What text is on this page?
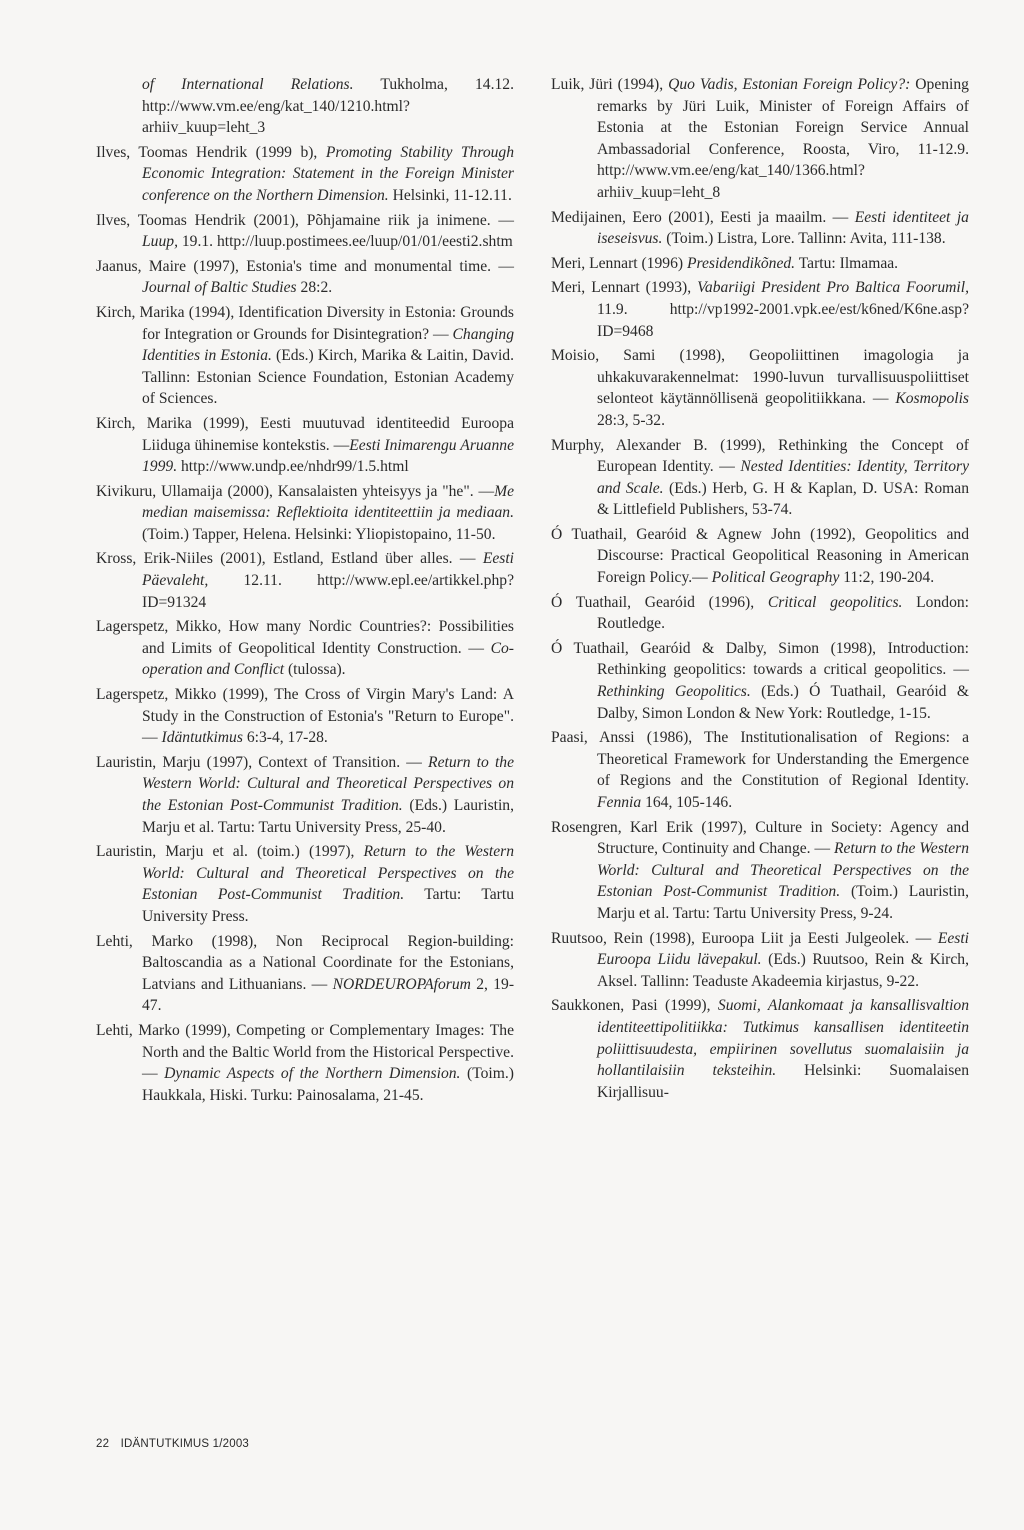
of International Relations. Tukholma, 14.12. http://www.vm.ee/eng/kat_140/1210.html?arhiiv_kuup=leht_3

Ilves, Toomas Hendrik (1999 b), Promoting Stability Through Economic Integration: Statement in the Foreign Minister conference on the Northern Dimension. Helsinki, 11-12.11.

Ilves, Toomas Hendrik (2001), Põhjamaine riik ja inimene. — Luup, 19.1. http://luup.postimees.ee/luup/01/01/eesti2.shtm

Jaanus, Maire (1997), Estonia's time and monumental time. —Journal of Baltic Studies 28:2.

Kirch, Marika (1994), Identification Diversity in Estonia: Grounds for Integration or Grounds for Disintegration? — Changing Identities in Estonia. (Eds.) Kirch, Marika & Laitin, David. Tallinn: Estonian Science Foundation, Estonian Academy of Sciences.

Kirch, Marika (1999), Eesti muutuvad identiteedid Euroopa Liiduga ühinemise kontekstis. —Eesti Inimarengu Aruanne 1999. http://www.undp.ee/nhdr99/1.5.html

Kivikuru, Ullamaija (2000), Kansalaisten yhteisyys ja "he". —Me median maisemissa: Reflektioita identiteettiin ja mediaan. (Toim.) Tapper, Helena. Helsinki: Yliopistopaino, 11-50.

Kross, Erik-Niiles (2001), Estland, Estland über alles. — Eesti Päevaleht, 12.11. http://www.epl.ee/artikkel.php?ID=91324

Lagerspetz, Mikko, How many Nordic Countries?: Possibilities and Limits of Geopolitical Identity Construction. — Co-operation and Conflict (tulossa).

Lagerspetz, Mikko (1999), The Cross of Virgin Mary's Land: A Study in the Construction of Estonia's "Return to Europe". — Idäntutkimus 6:3-4, 17-28.

Lauristin, Marju (1997), Context of Transition. — Return to the Western World: Cultural and Theoretical Perspectives on the Estonian Post-Communist Tradition. (Eds.) Lauristin, Marju et al. Tartu: Tartu University Press, 25-40.

Lauristin, Marju et al. (toim.) (1997), Return to the Western World: Cultural and Theoretical Perspectives on the Estonian Post-Communist Tradition. Tartu: Tartu University Press.

Lehti, Marko (1998), Non Reciprocal Region-building: Baltoscandia as a National Coordinate for the Estonians, Latvians and Lithuanians. — NORDEUROPAforum 2, 19-47.

Lehti, Marko (1999), Competing or Complementary Images: The North and the Baltic World from the Historical Perspective. — Dynamic Aspects of the Northern Dimension. (Toim.) Haukkala, Hiski. Turku: Painosalama, 21-45.

Luik, Jüri (1994), Quo Vadis, Estonian Foreign Policy?: Opening remarks by Jüri Luik, Minister of Foreign Affairs of Estonia at the Estonian Foreign Service Annual Ambassadorial Conference, Roosta, Viro, 11-12.9. http://www.vm.ee/eng/kat_140/1366.html?arhiiv_kuup=leht_8

Medijainen, Eero (2001), Eesti ja maailm. — Eesti identiteet ja iseseisvus. (Toim.) Listra, Lore. Tallinn: Avita, 111-138.

Meri, Lennart (1996) Presidendikõned. Tartu: Ilmamaa.

Meri, Lennart (1993), Vabariigi President Pro Baltica Foorumil, 11.9. http://vp1992-2001.vpk.ee/est/k6ned/K6ne.asp?ID=9468

Moisio, Sami (1998), Geopoliittinen imagologia ja uhkakuvarakennelmat: 1990-luvun turvallisuuspoliittiset selonteot käytännöllisenä geopolitiikkana. — Kosmopolis 28:3, 5-32.

Murphy, Alexander B. (1999), Rethinking the Concept of European Identity. — Nested Identities: Identity, Territory and Scale. (Eds.) Herb, G. H & Kaplan, D. USA: Roman & Littlefield Publishers, 53-74.

Ó Tuathail, Gearóid & Agnew John (1992), Geopolitics and Discourse: Practical Geopolitical Reasoning in American Foreign Policy.— Political Geography 11:2, 190-204.

Ó Tuathail, Gearóid (1996), Critical geopolitics. London: Routledge.

Ó Tuathail, Gearóid & Dalby, Simon (1998), Introduction: Rethinking geopolitics: towards a critical geopolitics. — Rethinking Geopolitics. (Eds.) Ó Tuathail, Gearóid & Dalby, Simon London & New York: Routledge, 1-15.

Paasi, Anssi (1986), The Institutionalisation of Regions: a Theoretical Framework for Understanding the Emergence of Regions and the Constitution of Regional Identity. Fennia 164, 105-146.

Rosengren, Karl Erik (1997), Culture in Society: Agency and Structure, Continuity and Change. — Return to the Western World: Cultural and Theoretical Perspectives on the Estonian Post-Communist Tradition. (Toim.) Lauristin, Marju et al. Tartu: Tartu University Press, 9-24.

Ruutsoo, Rein (1998), Euroopa Liit ja Eesti Julgeolek. — Eesti Euroopa Liidu lävepakul. (Eds.) Ruutsoo, Rein & Kirch, Aksel. Tallinn: Teaduste Akadeemia kirjastus, 9-22.

Saukkonen, Pasi (1999), Suomi, Alankomaat ja kansallisvaltion identiteettipolitiikka: Tutkimus kansallisen identiteetin poliittisuudesta, empiirinen sovellutus suomalaisiin ja hollantilaisiin teksteihin. Helsinki: Suomalaisen Kirjallisuu-

22 IDÄNTUTKIMUS 1/2003
